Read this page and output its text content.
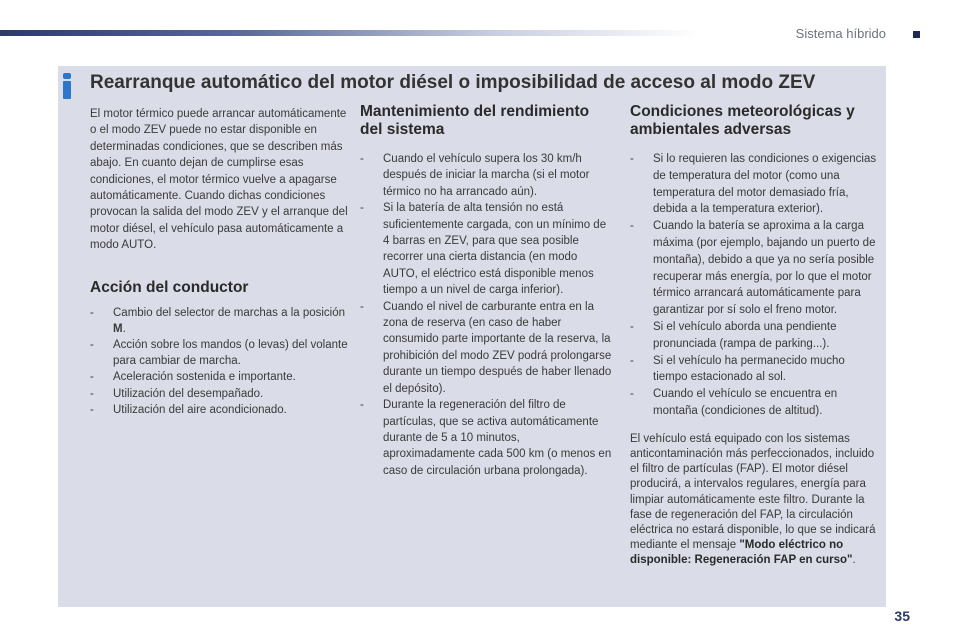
Sistema híbrido
Rearranque automático del motor diésel o imposibilidad de acceso al modo ZEV

El motor térmico puede arrancar automáticamente o el modo ZEV puede no estar disponible en determinadas condiciones, que se describen más abajo. En cuanto dejan de cumplirse esas condiciones, el motor térmico vuelve a apagarse automáticamente. Cuando dichas condiciones provocan la salida del modo ZEV y el arranque del motor diésel, el vehículo pasa automáticamente a modo AUTO.

Acción del conductor
- Cambio del selector de marchas a la posición M.
- Acción sobre los mandos (o levas) del volante para cambiar de marcha.
- Aceleración sostenida e importante.
- Utilización del desempañado.
- Utilización del aire acondicionado.
Mantenimiento del rendimiento del sistema
- Cuando el vehículo supera los 30 km/h después de iniciar la marcha (si el motor térmico no ha arrancado aún).
- Si la batería de alta tensión no está suficientemente cargada, con un mínimo de 4 barras en ZEV, para que sea posible recorrer una cierta distancia (en modo AUTO, el eléctrico está disponible menos tiempo a un nivel de carga inferior).
- Cuando el nivel de carburante entra en la zona de reserva (en caso de haber consumido parte importante de la reserva, la prohibición del modo ZEV podrá prolongarse durante un tiempo después de haber llenado el depósito).
- Durante la regeneración del filtro de partículas, que se activa automáticamente durante de 5 a 10 minutos, aproximadamente cada 500 km (o menos en caso de circulación urbana prolongada).
Condiciones meteorológicas y ambientales adversas
- Si lo requieren las condiciones o exigencias de temperatura del motor (como una temperatura del motor demasiado fría, debida a la temperatura exterior).
- Cuando la batería se aproxima a la carga máxima (por ejemplo, bajando un puerto de montaña), debido a que ya no sería posible recuperar más energía, por lo que el motor térmico arrancará automáticamente para garantizar por sí solo el freno motor.
- Si el vehículo aborda una pendiente pronunciada (rampa de parking...).
- Si el vehículo ha permanecido mucho tiempo estacionado al sol.
- Cuando el vehículo se encuentra en montaña (condiciones de altitud).

El vehículo está equipado con los sistemas anticontaminación más perfeccionados, incluido el filtro de partículas (FAP). El motor diésel producirá, a intervalos regulares, energía para limpiar automáticamente este filtro. Durante la fase de regeneración del FAP, la circulación eléctrica no estará disponible, lo que se indicará mediante el mensaje "Modo eléctrico no disponible: Regeneración FAP en curso".

35
